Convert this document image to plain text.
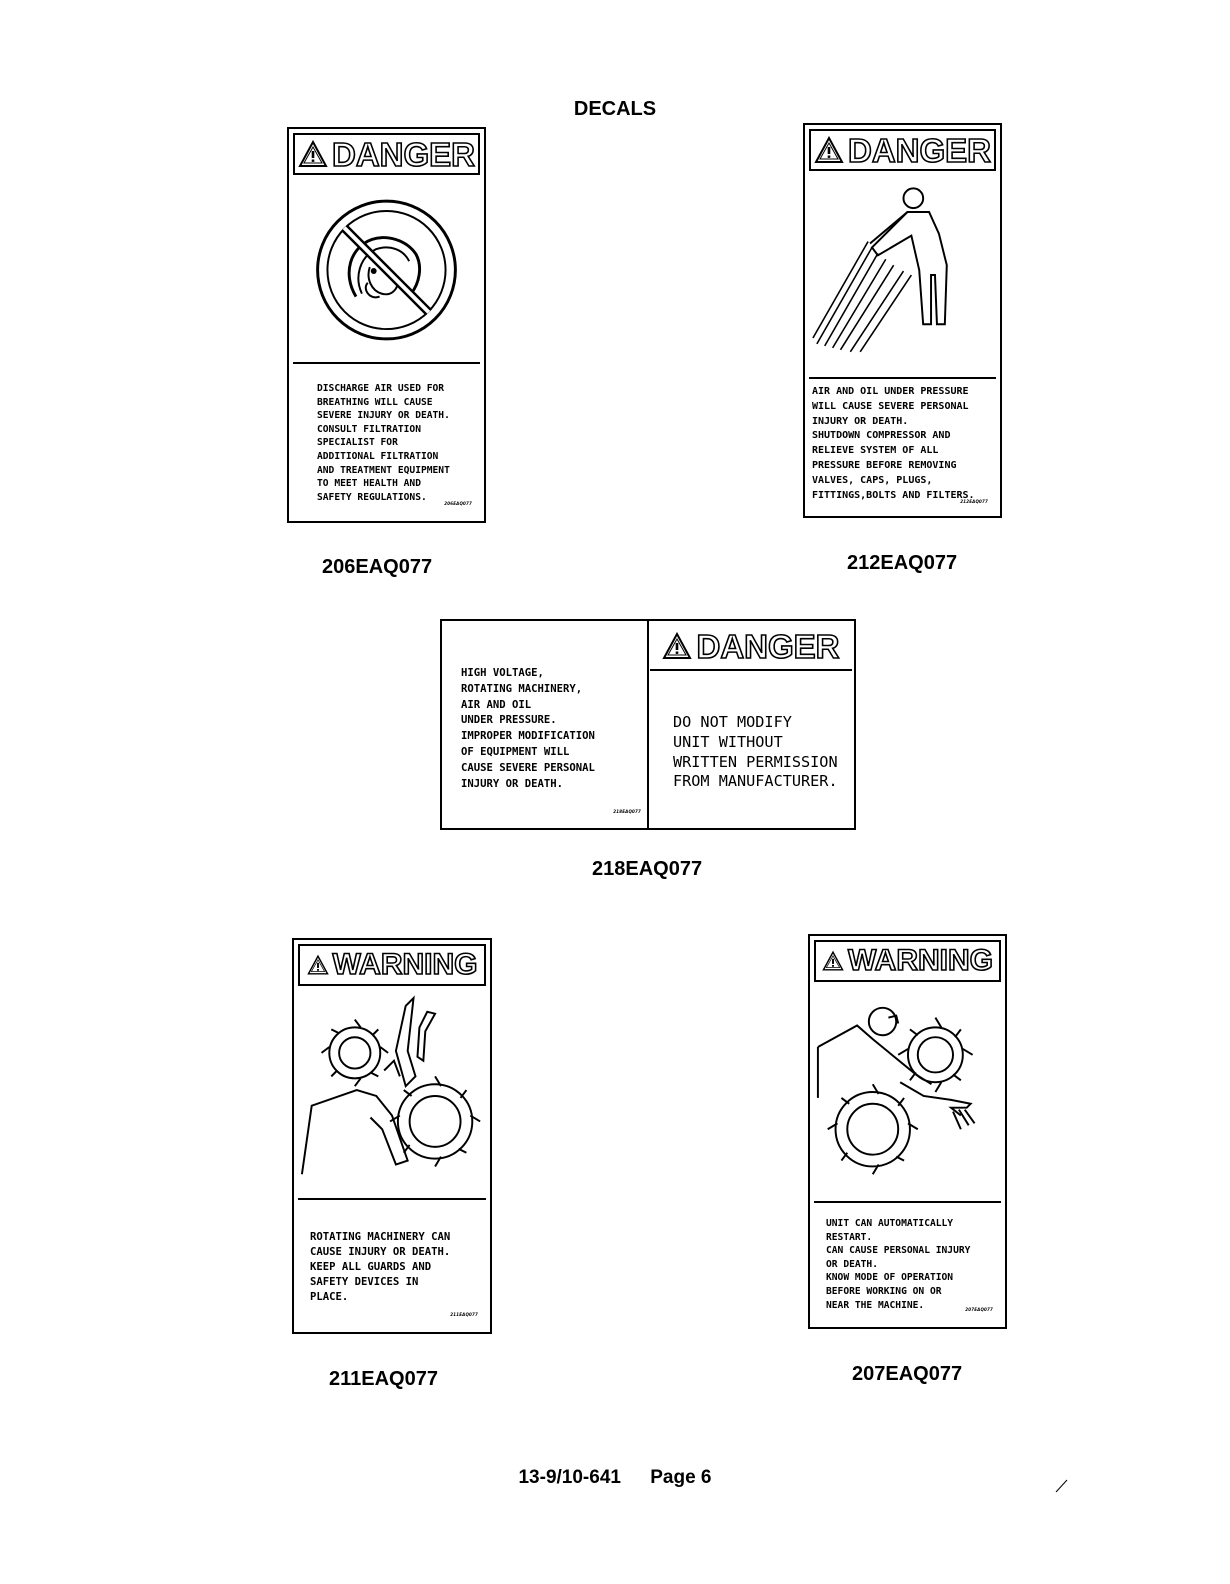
DECALS
DANGER
DISCHARGE AIR USED FOR
BREATHING WILL CAUSE
SEVERE INJURY OR DEATH.
CONSULT FILTRATION
SPECIALIST FOR
ADDITIONAL FILTRATION
AND TREATMENT EQUIPMENT
TO MEET HEALTH AND
SAFETY REGULATIONS.
206EAQ077
206EAQ077
DANGER
AIR AND OIL UNDER PRESSURE
WILL CAUSE SEVERE PERSONAL
INJURY OR DEATH.
SHUTDOWN COMPRESSOR AND
RELIEVE SYSTEM OF ALL
PRESSURE BEFORE REMOVING
VALVES, CAPS, PLUGS,
FITTINGS,BOLTS AND FILTERS.
212EAQ077
212EAQ077
HIGH VOLTAGE,
ROTATING MACHINERY,
AIR AND OIL
UNDER PRESSURE.
IMPROPER MODIFICATION
OF EQUIPMENT WILL
CAUSE SEVERE PERSONAL
INJURY OR DEATH.
218EAQ077
DANGER
DO NOT MODIFY
UNIT WITHOUT
WRITTEN PERMISSION
FROM MANUFACTURER.
218EAQ077
WARNING
ROTATING MACHINERY CAN
CAUSE INJURY OR DEATH.
KEEP ALL GUARDS AND
SAFETY DEVICES IN
PLACE.
211EAQ077
211EAQ077
WARNING
UNIT CAN AUTOMATICALLY
RESTART.
CAN CAUSE PERSONAL INJURY
OR DEATH.
KNOW MODE OF OPERATION
BEFORE WORKING ON OR
NEAR THE MACHINE.	207EAQ077
207EAQ077
13-9/10-641 Page 6
